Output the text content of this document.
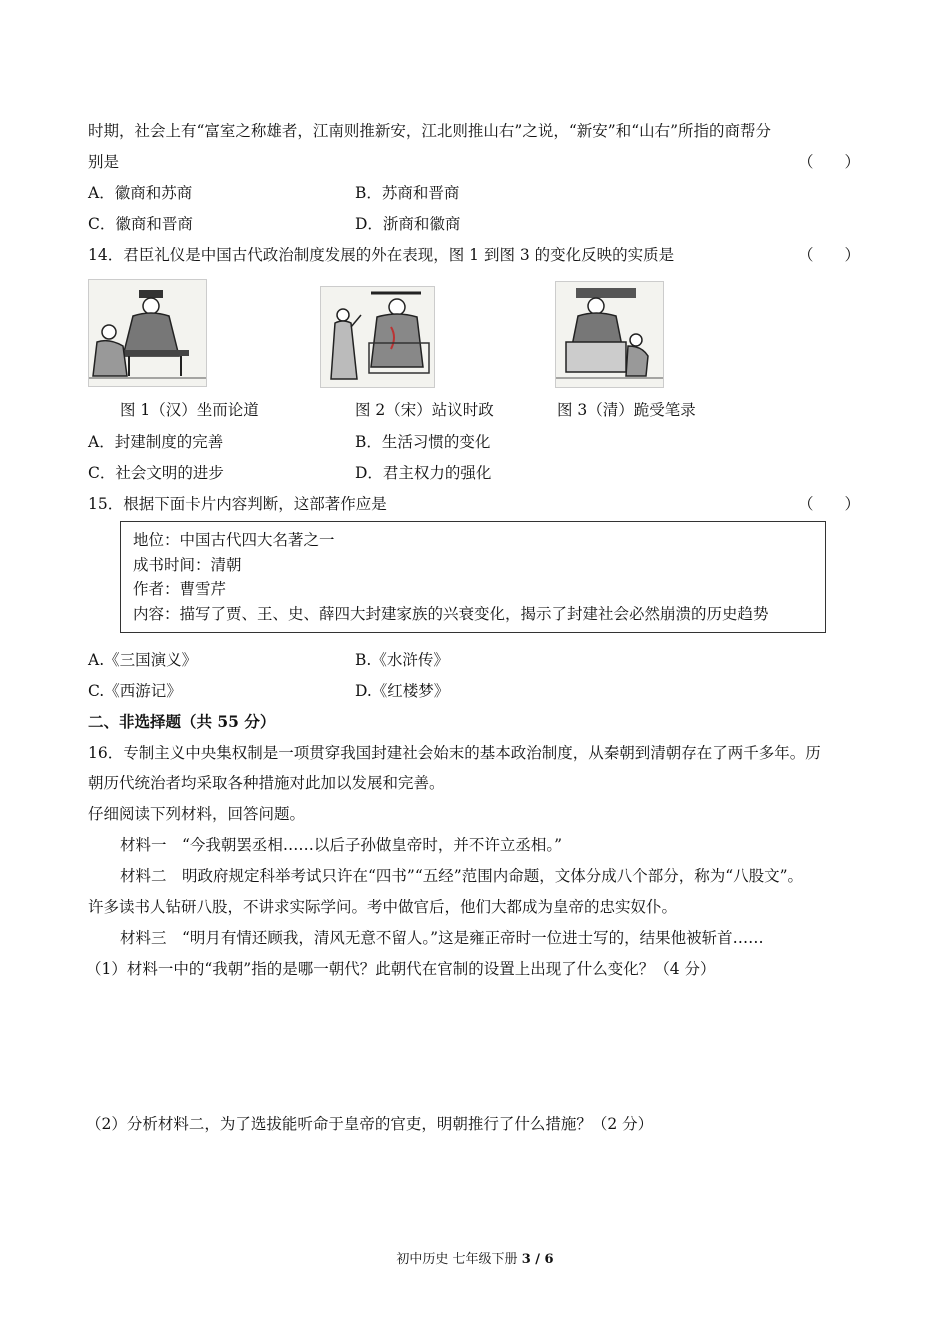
时期，社会上有“富室之称雄者，江南则推新安，江北则推山右”之说，“新安”和“山右”所指的商帮分
别是	（　　）
A．徽商和苏商	B．苏商和晋商
C．徽商和晋商	D．浙商和徽商
14．君臣礼仪是中国古代政治制度发展的外在表现，图 1 到图 3 的变化反映的实质是	（　　）
图 1（汉）坐而论道	图 2（宋）站议时政	图 3（清）跪受笔录
A．封建制度的完善	B．生活习惯的变化
C．社会文明的进步	D．君主权力的强化
15．根据下面卡片内容判断，这部著作应是	（　　）
地位：中国古代四大名著之一
成书时间：清朝
作者：曹雪芹
内容：描写了贾、王、史、薛四大封建家族的兴衰变化，揭示了封建社会必然崩溃的历史趋势
A.《三国演义》	B.《水浒传》
C.《西游记》	D.《红楼梦》
二、非选择题（共 55 分）
16．专制主义中央集权制是一项贯穿我国封建社会始末的基本政治制度，从秦朝到清朝存在了两千多年。历
朝历代统治者均采取各种措施对此加以发展和完善。
仔细阅读下列材料，回答问题。
材料一　“今我朝罢丞相……以后子孙做皇帝时，并不许立丞相。”
材料二　明政府规定科举考试只许在“四书”“五经”范围内命题，文体分成八个部分，称为“八股文”。
许多读书人钻研八股，不讲求实际学问。考中做官后，他们大都成为皇帝的忠实奴仆。
材料三　“明月有情还顾我，清风无意不留人。”这是雍正帝时一位进士写的，结果他被斩首……
（1）材料一中的“我朝”指的是哪一朝代？此朝代在官制的设置上出现了什么变化？（4 分）
（2）分析材料二，为了选拔能听命于皇帝的官吏，明朝推行了什么措施？（2 分）
初中历史 七年级下册 3 / 6
